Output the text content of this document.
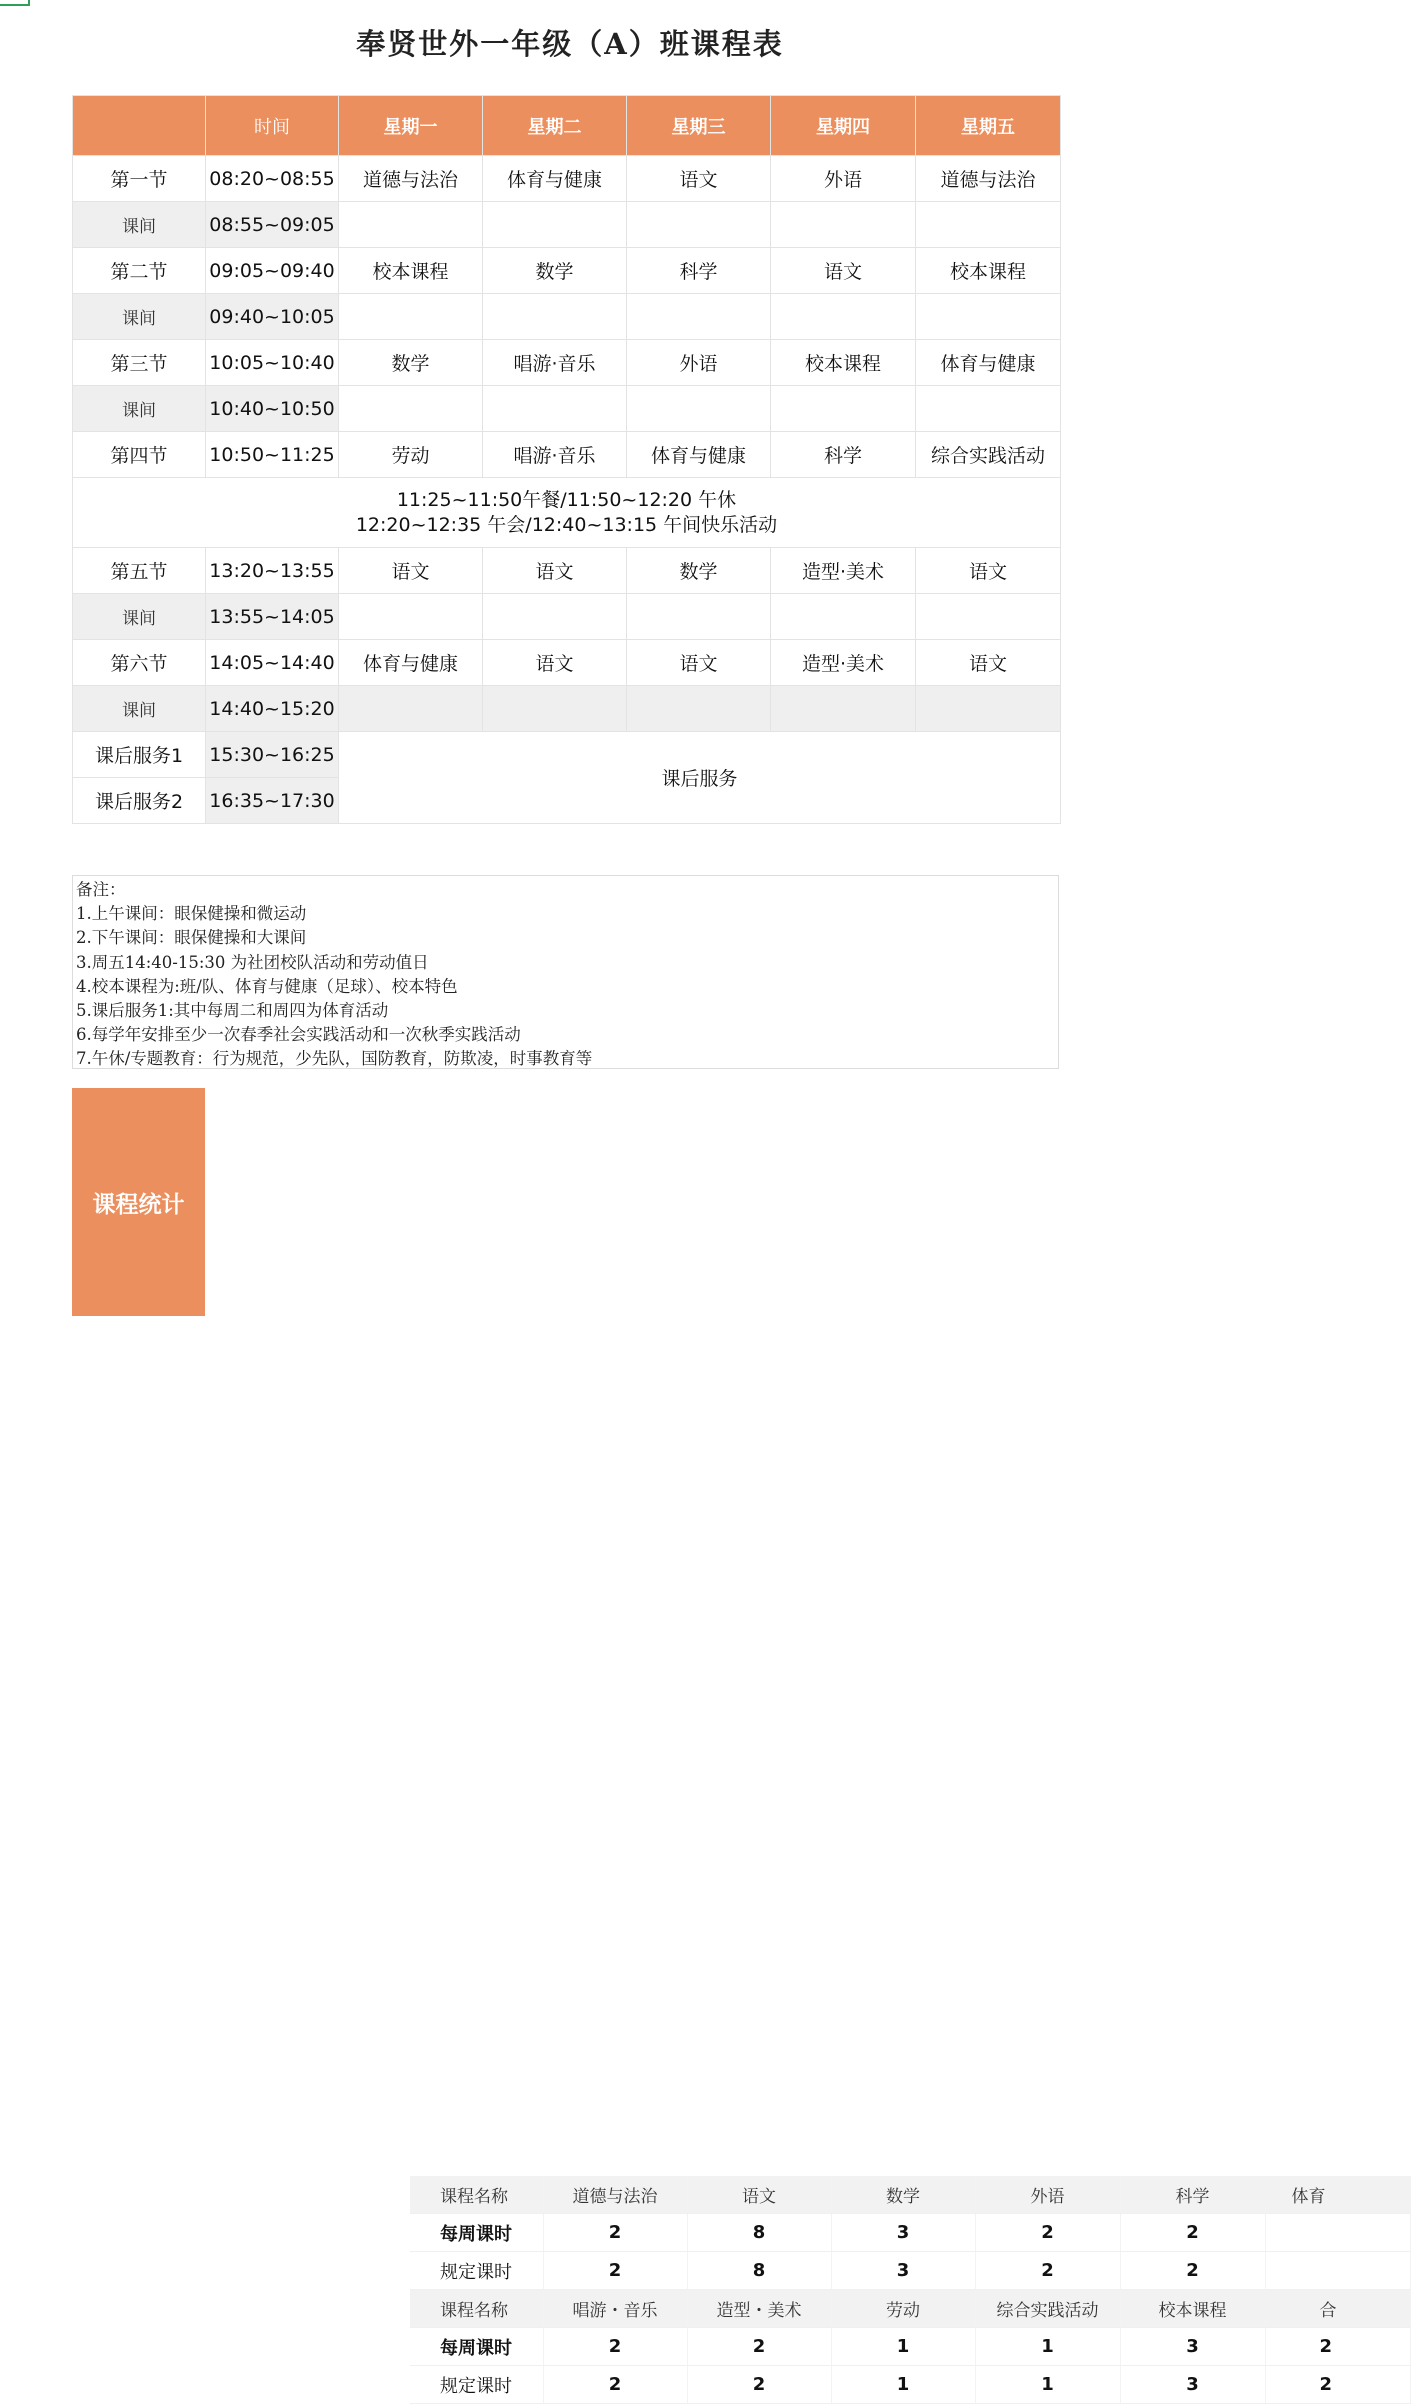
奉贤世外一年级（A）班课程表
	时间	星期一	星期二	星期三	星期四	星期五
第一节	08:20~08:55	道德与法治	体育与健康	语文	外语	道德与法治
课间	08:55~09:05					
第二节	09:05~09:40	校本课程	数学	科学	语文	校本课程
课间	09:40~10:05					
第三节	10:05~10:40	数学	唱游·音乐	外语	校本课程	体育与健康
课间	10:40~10:50					
第四节	10:50~11:25	劳动	唱游·音乐	体育与健康	科学	综合实践活动

11:25~11:50午餐/11:50~12:20 午休
12:20~12:35 午会/12:40~13:15 午间快乐活动						

第五节	13:20~13:55	语文	语文	数学	造型·美术	语文
课间	13:55~14:05					
第六节	14:05~14:40	体育与健康	语文	语文	造型·美术	语文
课间	14:40~15:20					
课后服务1	15:30~16:25	课后服务				
课后服务2	16:35~17:30					
备注：
1.上午课间：眼保健操和微运动
2.下午课间：眼保健操和大课间
3.周五14:40-15:30 为社团校队活动和劳动值日
4.校本课程为:班/队、体育与健康（足球）、校本特色
5.课后服务1:其中每周二和周四为体育活动
6.每学年安排至少一次春季社会实践活动和一次秋季实践活动
7.午休/专题教育：行为规范，少先队，国防教育，防欺凌，时事教育等
课程统计
课程名称	道德与法治	语文	数学	外语	科学	体育
每周课时	2	8	3	2	2	
规定课时	2	8	3	2	2	
课程名称	唱游・音乐	造型・美术	劳动	综合实践活动	校本课程	合
每周课时	2	2	1	1	3	2
规定课时	2	2	1	1	3	2
